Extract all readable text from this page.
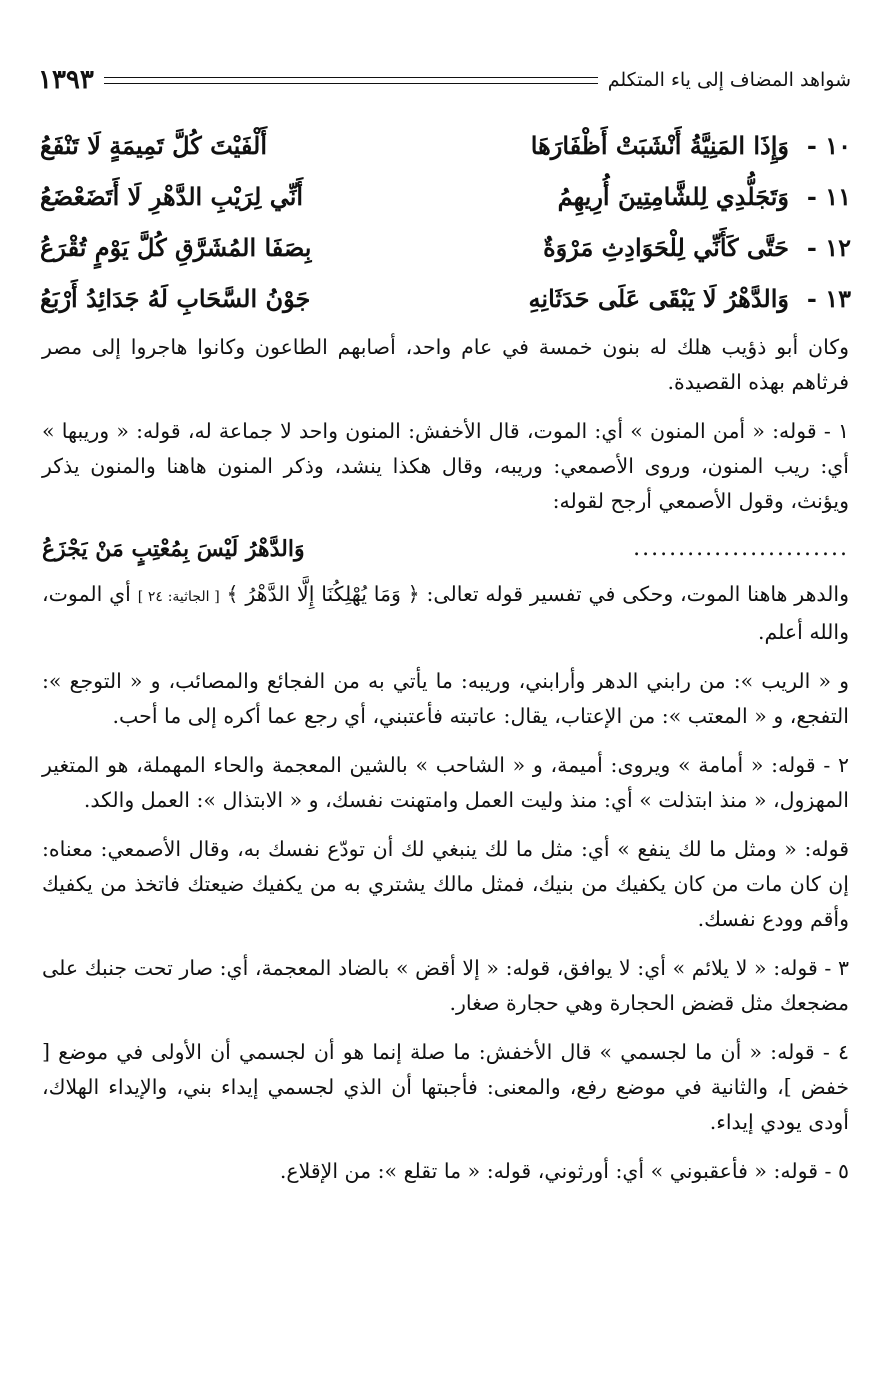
شواهد المضاف إلى ياء المتكلم
١٣٩٣
١٠ -وَإِذَا المَنِيَّةُ أَنْشَبَتْ أَظْفَارَهَا
أَلْفَيْتَ كُلَّ تَمِيمَةٍ لَا تَنْفَعُ
١١ -وَتَجَلُّدِي لِلشَّامِتِينَ أُرِيهِمُ
أَنِّي لِرَيْبِ الدَّهْرِ لَا أَتَضَعْضَعُ
١٢ -حَتَّى كَأَنِّي لِلْحَوَادِثِ مَرْوَةٌ
بِصَفَا المُشَرَّقِ كُلَّ يَوْمٍ تُقْرَعُ
١٣ -وَالدَّهْرُ لَا يَبْقَى عَلَى حَدَثَانِهِ
جَوْنُ السَّحَابِ لَهُ جَدَائِدُ أَرْبَعُ

وكان أبو ذؤيب هلك له بنون خمسة في عام واحد، أصابهم الطاعون وكانوا هاجروا إلى مصر فرثاهم بهذه القصيدة.

١ - قوله: « أمن المنون » أي: الموت، قال الأخفش: المنون واحد لا جماعة له، قوله: « وريبها » أي: ريب المنون، وروى الأصمعي: وريبه، وقال هكذا ينشد، وذكر المنون هاهنا والمنون يذكر ويؤنث، وقول الأصمعي أرجح لقوله:

........................
وَالدَّهْرُ لَيْسَ بِمُعْتِبٍ مَنْ يَجْزَعُ

والدهر هاهنا الموت، وحكى في تفسير قوله تعالى: ﴿ وَمَا يُهْلِكُنَا إِلَّا الدَّهْرُ ﴾ [ الجاثية: ٢٤ ] أي الموت، والله أعلم.

و « الريب »: من رابني الدهر وأرابني، وريبه: ما يأتي به من الفجائع والمصائب، و « التوجع »: التفجع، و « المعتب »: من الإعتاب، يقال: عاتبته فأعتبني، أي رجع عما أكره إلى ما أحب.

٢ - قوله: « أمامة » ويروى: أميمة، و « الشاحب » بالشين المعجمة والحاء المهملة، هو المتغير المهزول، « منذ ابتذلت » أي: منذ وليت العمل وامتهنت نفسك، و « الابتذال »: العمل والكد.

قوله: « ومثل ما لك ينفع » أي: مثل ما لك ينبغي لك أن تودّع نفسك به، وقال الأصمعي: معناه: إن كان مات من كان يكفيك من بنيك، فمثل مالك يشتري به من يكفيك ضيعتك فاتخذ من يكفيك وأقم وودع نفسك.

٣ - قوله: « لا يلائم » أي: لا يوافق، قوله: « إلا أقض » بالضاد المعجمة، أي: صار تحت جنبك على مضجعك مثل قضض الحجارة وهي حجارة صغار.

٤ - قوله: « أن ما لجسمي » قال الأخفش: ما صلة إنما هو أن لجسمي أن الأولى في موضع [ خفض ]، والثانية في موضع رفع، والمعنى: فأجبتها أن الذي لجسمي إيداء بني، والإيداء الهلاك، أودى يودي إيداء.

٥ - قوله: « فأعقبوني » أي: أورثوني، قوله: « ما تقلع »: من الإقلاع.
